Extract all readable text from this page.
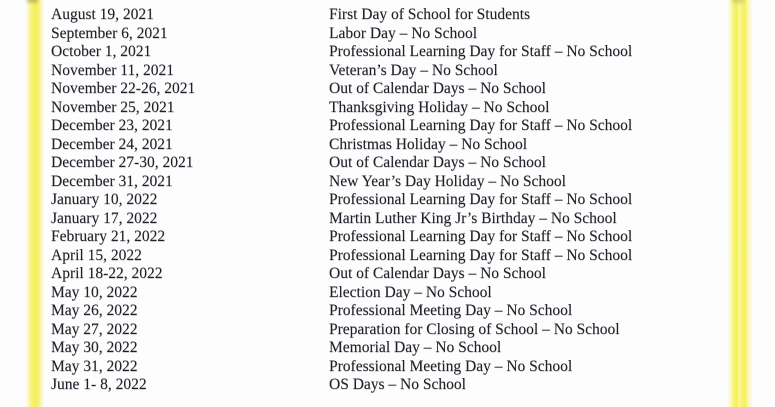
August 19, 2021	First Day of School for Students
September 6, 2021	Labor Day – No School
October 1, 2021	Professional Learning Day for Staff – No School
November 11, 2021	Veteran’s Day – No School
November 22-26, 2021	Out of Calendar Days – No School
November 25, 2021	Thanksgiving Holiday – No School
December 23, 2021	Professional Learning Day for Staff – No School
December 24, 2021	Christmas Holiday – No School
December 27-30, 2021	Out of Calendar Days – No School
December 31, 2021	New Year’s Day Holiday – No School
January 10, 2022	Professional Learning Day for Staff – No School
January 17, 2022	Martin Luther King Jr’s Birthday – No School
February 21, 2022	Professional Learning Day for Staff – No School
April 15, 2022	Professional Learning Day for Staff – No School
April 18-22, 2022	Out of Calendar Days – No School
May 10, 2022	Election Day – No School
May 26, 2022	Professional Meeting Day – No School
May 27, 2022	Preparation for Closing of School – No School
May 30, 2022	Memorial Day – No School
May 31, 2022	Professional Meeting Day – No School
June 1- 8, 2022	OS Days – No School
